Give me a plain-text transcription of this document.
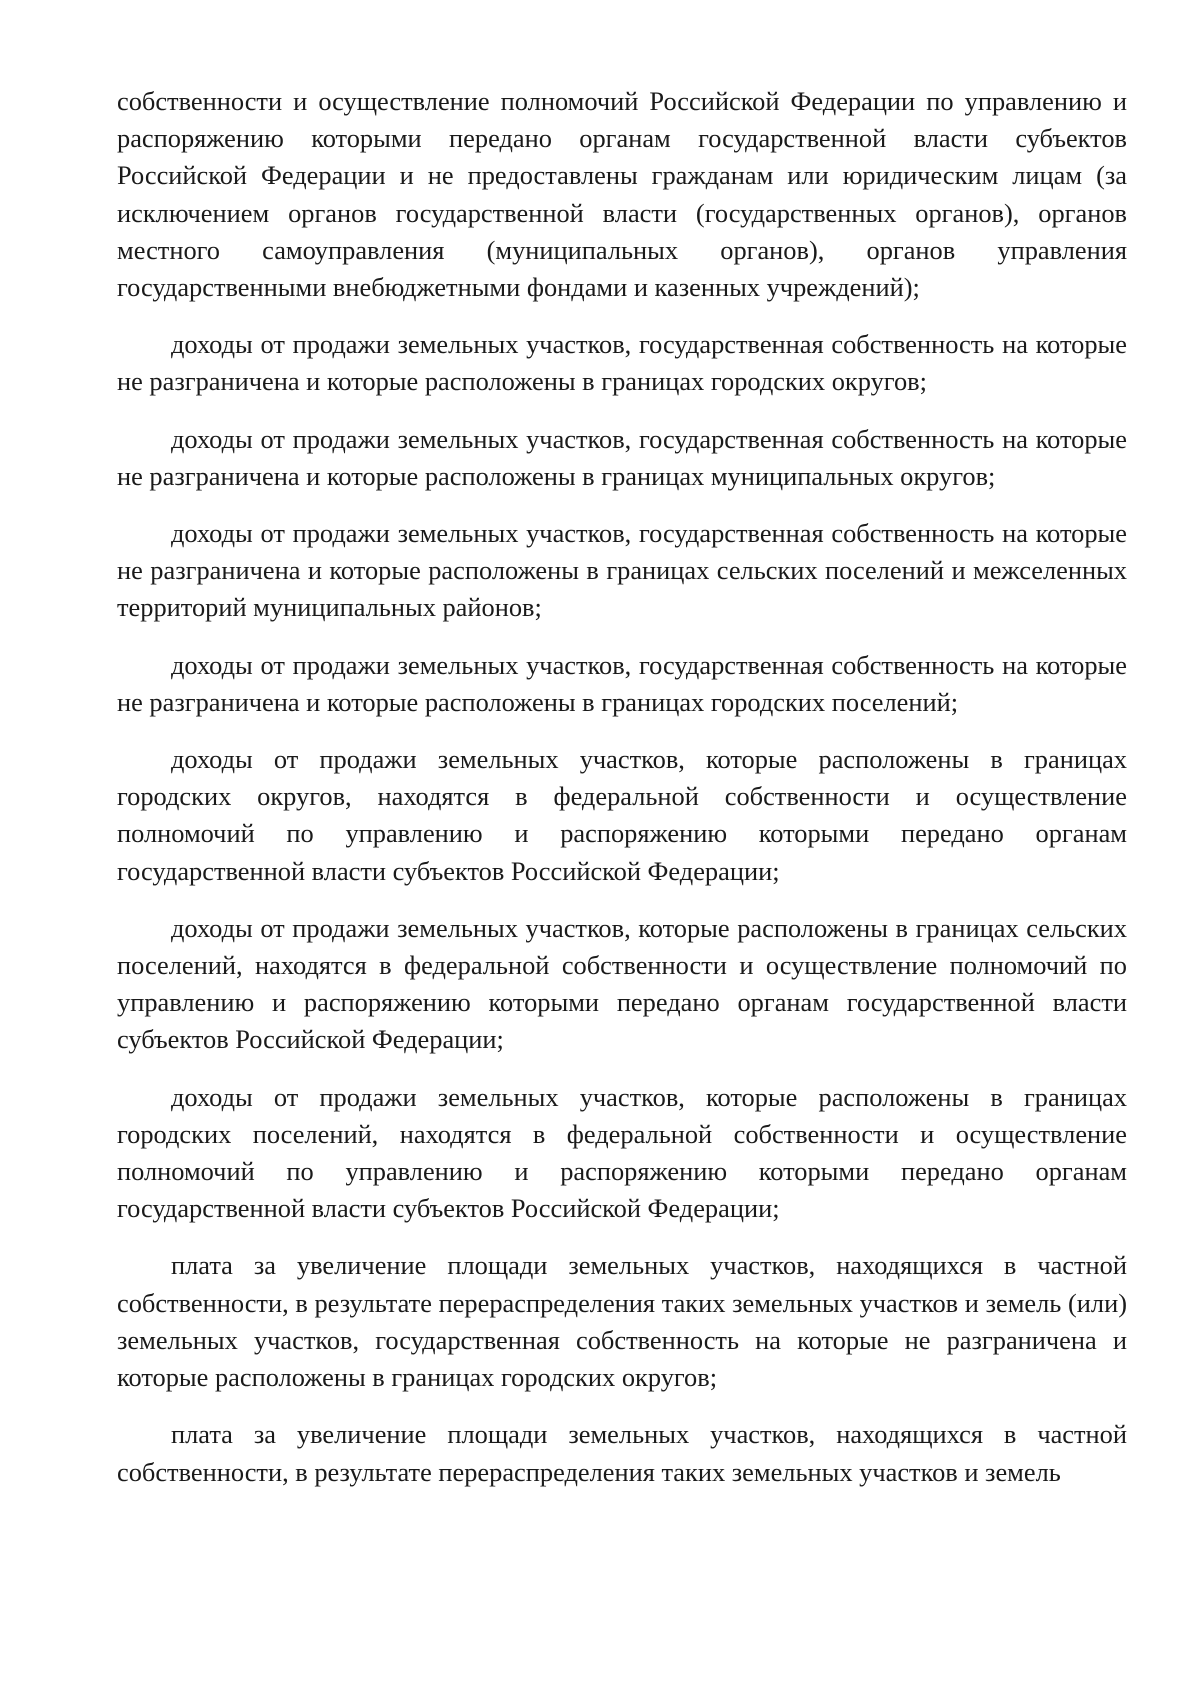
собственности и осуществление полномочий Российской Федерации по управлению и распоряжению которыми передано органам государственной власти субъектов Российской Федерации и не предоставлены гражданам или юридическим лицам (за исключением органов государственной власти (государственных органов), органов местного самоуправления (муниципальных органов), органов управления государственными внебюджетными фондами и казенных учреждений);

доходы от продажи земельных участков, государственная собственность на которые не разграничена и которые расположены в границах городских округов;

доходы от продажи земельных участков, государственная собственность на которые не разграничена и которые расположены в границах муниципальных округов;

доходы от продажи земельных участков, государственная собственность на которые не разграничена и которые расположены в границах сельских поселений и межселенных территорий муниципальных районов;

доходы от продажи земельных участков, государственная собственность на которые не разграничена и которые расположены в границах городских поселений;

доходы от продажи земельных участков, которые расположены в границах городских округов, находятся в федеральной собственности и осуществление полномочий по управлению и распоряжению которыми передано органам государственной власти субъектов Российской Федерации;

доходы от продажи земельных участков, которые расположены в границах сельских поселений, находятся в федеральной собственности и осуществление полномочий по управлению и распоряжению которыми передано органам государственной власти субъектов Российской Федерации;

доходы от продажи земельных участков, которые расположены в границах городских поселений, находятся в федеральной собственности и осуществление полномочий по управлению и распоряжению которыми передано органам государственной власти субъектов Российской Федерации;

плата за увеличение площади земельных участков, находящихся в частной собственности, в результате перераспределения таких земельных участков и земель (или) земельных участков, государственная собственность на которые не разграничена и которые расположены в границах городских округов;

плата за увеличение площади земельных участков, находящихся в частной собственности, в результате перераспределения таких земельных участков и земель
